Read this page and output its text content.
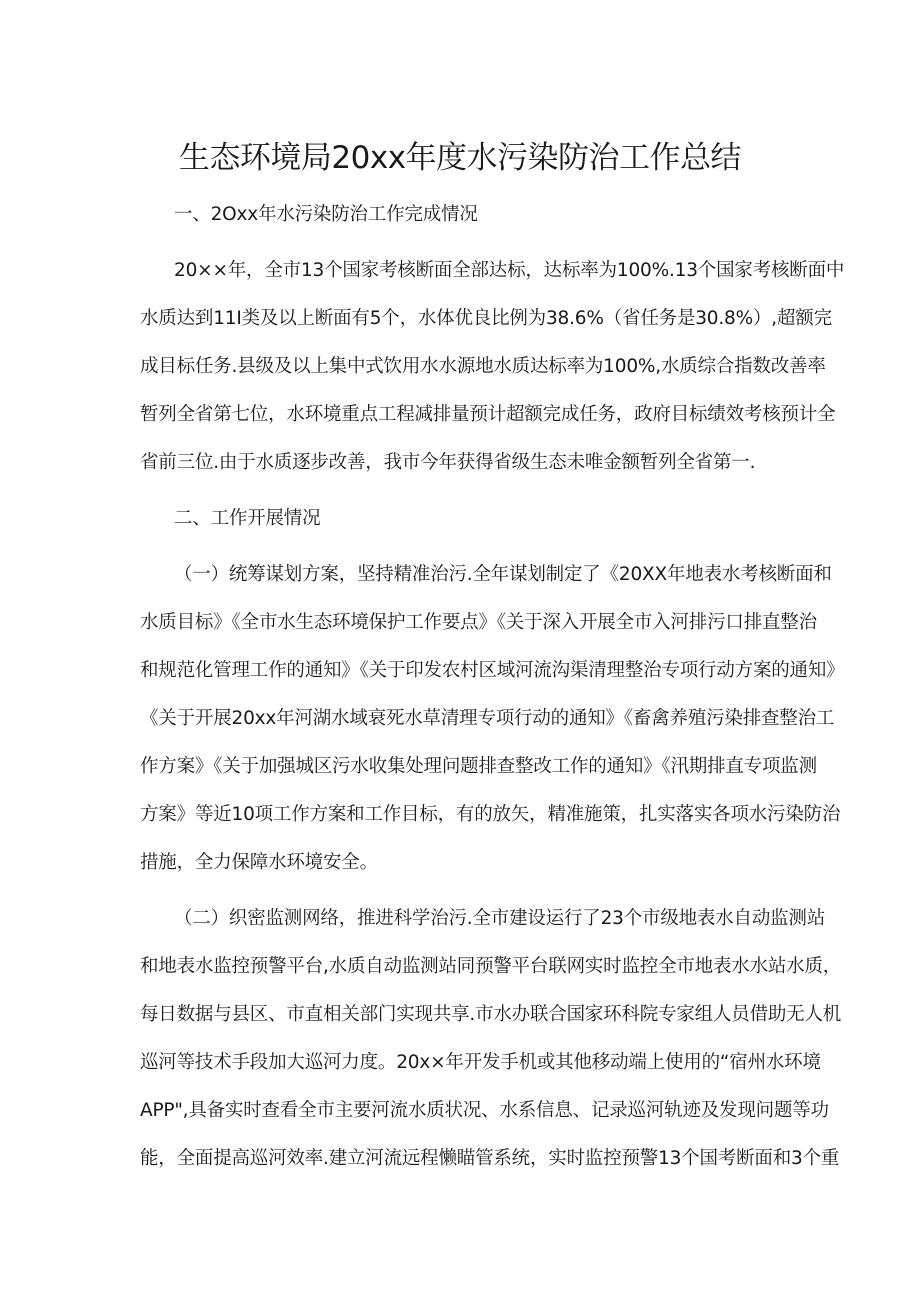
生态环境局20xx年度水污染防治工作总结
一、2Oxx年水污染防治工作完成情况
20××年，全市13个国家考核断面全部达标，达标率为100%.13个国家考核断面中
水质达到11I类及以上断面有5个，水体优良比例为38.6%（省任务是30.8%）,超额完
成目标任务.县级及以上集中式饮用水水源地水质达标率为100%,水质综合指数改善率
暂列全省第七位，水环境重点工程减排量预计超额完成任务，政府目标绩效考核预计全
省前三位.由于水质逐步改善，我市今年获得省级生态未唯金额暂列全省第一.
二、工作开展情况
（一）统筹谋划方案，坚持精准治污.全年谋划制定了《20XX年地表水考核断面和
水质目标》《全市水生态环境保护工作要点》《关于深入开展全市入河排污口排直整治
和规范化管理工作的通知》《关于印发农村区域河流沟渠清理整治专项行动方案的通知》
《关于开展20xx年河湖水域衰死水草清理专项行动的通知》《畜禽养殖污染排查整治工
作方案》《关于加强城区污水收集处理问题排查整改工作的通知》《汛期排直专项监测
方案》等近10项工作方案和工作目标，有的放矢，精准施策，扎实落实各项水污染防治
措施，全力保障水环境安全。
（二）织密监测网络，推进科学治污.全市建设运行了23个市级地表水自动监测站
和地表水监控预警平台,水质自动监测站同预警平台联网实时监控全市地表水水站水质，
每日数据与县区、市直相关部门实现共享.市水办联合国家环科院专家组人员借助无人机
巡河等技术手段加大巡河力度。20x×年开发手机或其他移动端上使用的“宿州水环境
APP",具备实时查看全市主要河流水质状况、水系信息、记录巡河轨迹及发现问题等功
能，全面提高巡河效率.建立河流远程懒瞄管系统，实时监控预警13个国考断面和3个重
